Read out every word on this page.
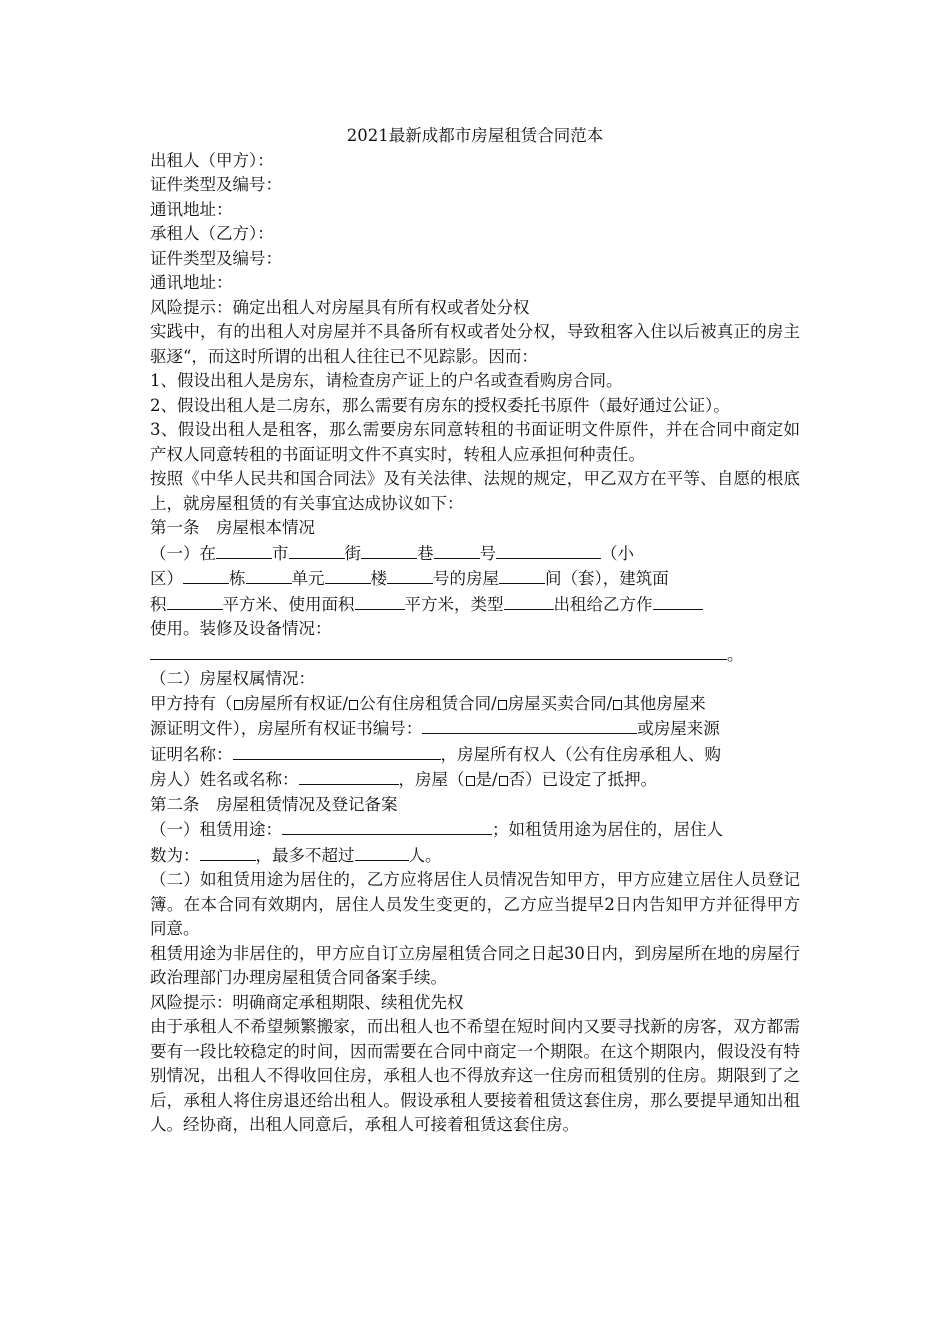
2021最新成都市房屋租赁合同范本

出租人（甲方）：

证件类型及编号：

通讯地址：

承租人（乙方）：

证件类型及编号：

通讯地址：

风险提示：确定出租人对房屋具有所有权或者处分权

实践中，有的出租人对房屋并不具备所有权或者处分权，导致租客入住以后被真正的房主驱逐“，而这时所谓的出租人往往已不见踪影。因而：

1、假设出租人是房东，请检查房产证上的户名或查看购房合同。

2、假设出租人是二房东，那么需要有房东的授权委托书原件（最好通过公证）。

3、假设出租人是租客，那么需要房东同意转租的书面证明文件原件，并在合同中商定如产权人同意转租的书面证明文件不真实时，转租人应承担何种责任。

按照《中华人民共和国合同法》及有关法律、法规的规定，甲乙双方在平等、自愿的根底上，就房屋租赁的有关事宜达成协议如下：

第一条　房屋根本情况

（一）在	市	街	巷	号	（小

区）	栋	单元	楼	号的房屋	间（套），建筑面

积	平方米、使用面积	平方米，类型	出租给乙方作

使用。装修及设备情况：

。

（二）房屋权属情况：

甲方持有（ 房屋所有权证/ 公有住房租赁合同/ 房屋买卖合同/ 其他房屋来

源证明文件），房屋所有权证书编号：	或房屋来源

证明名称：	，房屋所有权人（公有住房承租人、购

房人）姓名或名称：	，房屋（ 是/ 否）已设定了抵押。

第二条　房屋租赁情况及登记备案

（一）租赁用途：	；如租赁用途为居住的，居住人

数为：	，最多不超过	人。

（二）如租赁用途为居住的，乙方应将居住人员情况告知甲方，甲方应建立居住人员登记簿。在本合同有效期内，居住人员发生变更的，乙方应当提早2日内告知甲方并征得甲方同意。

租赁用途为非居住的，甲方应自订立房屋租赁合同之日起30日内，到房屋所在地的房屋行政治理部门办理房屋租赁合同备案手续。

风险提示：明确商定承租期限、续租优先权

由于承租人不希望频繁搬家，而出租人也不希望在短时间内又要寻找新的房客，双方都需要有一段比较稳定的时间，因而需要在合同中商定一个期限。在这个期限内，假设没有特别情况，出租人不得收回住房，承租人也不得放弃这一住房而租赁别的住房。期限到了之后，承租人将住房退还给出租人。假设承租人要接着租赁这套住房，那么要提早通知出租人。经协商，出租人同意后，承租人可接着租赁这套住房。
